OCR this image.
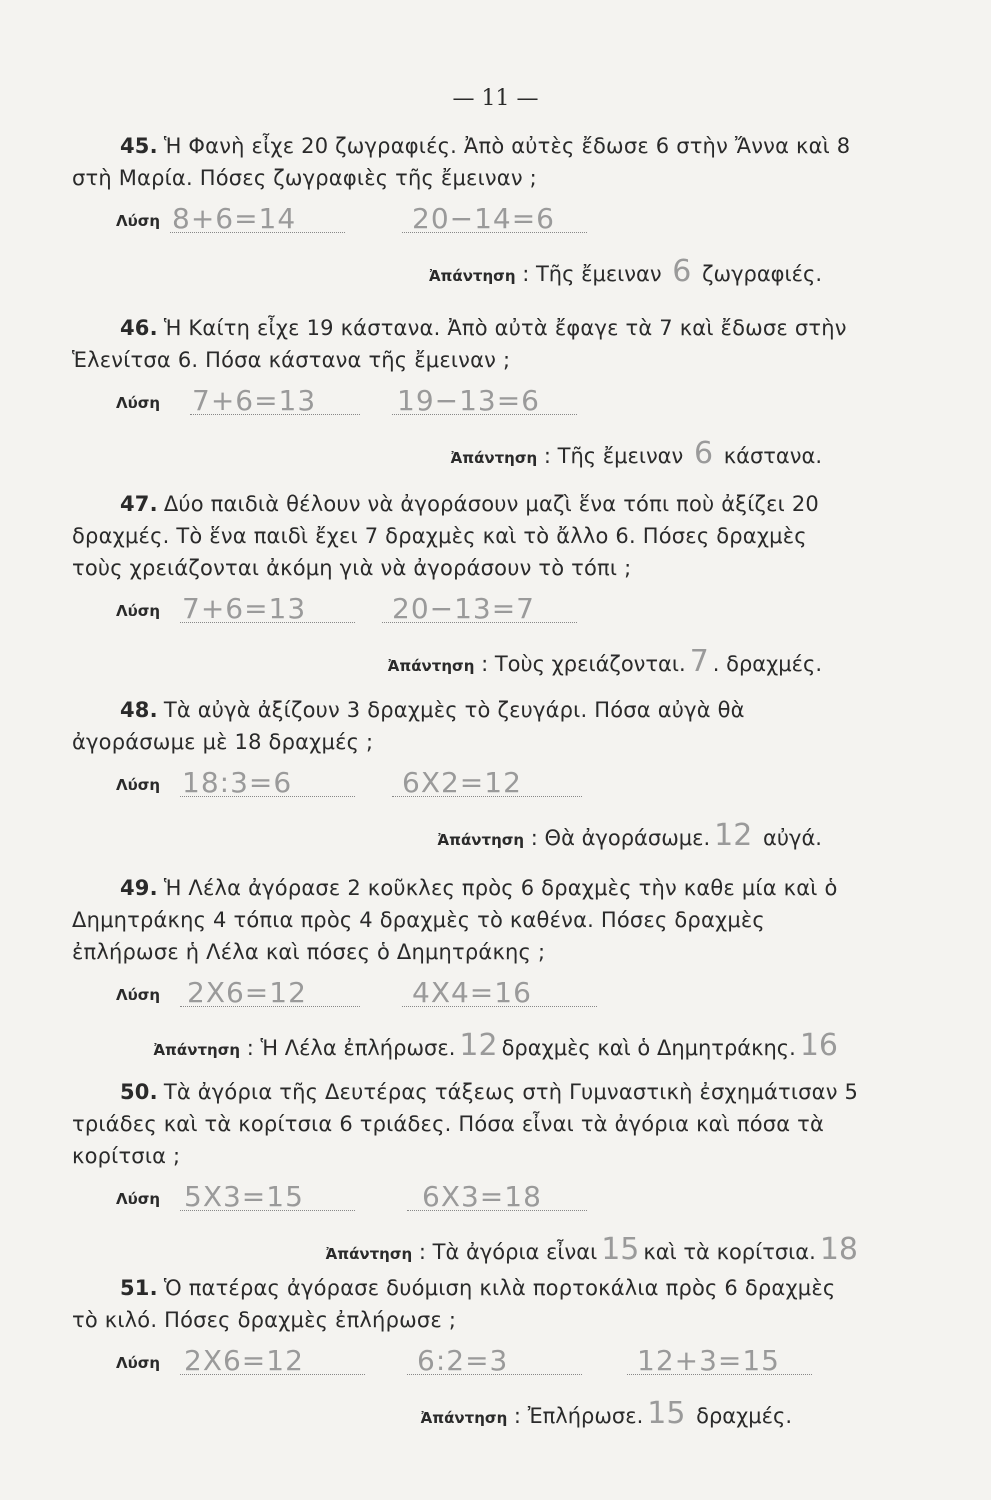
— 11 —

45. Ἡ Φανὴ εἶχε 20 ζωγραφιές. Ἀπὸ αὐτὲς ἔδωσε 6 στὴν Ἄννα καὶ 8 στὴ Μαρία. Πόσες ζωγραφιὲς τῆς ἔμειναν ;

Λύση 8+6=14	20−14=6
Ἀπάντηση : Τῆς ἔμειναν 6 ζωγραφιές.

46. Ἡ Καίτη εἶχε 19 κάστανα. Ἀπὸ αὐτὰ ἔφαγε τὰ 7 καὶ ἔδωσε στὴν Ἑλενίτσα 6. Πόσα κάστανα τῆς ἔμειναν ;

Λύση 7+6=13	19−13=6
Ἀπάντηση : Τῆς ἔμειναν 6 κάστανα.

47. Δύο παιδιὰ θέλουν νὰ ἀγοράσουν μαζὶ ἕνα τόπι ποὺ ἀξίζει 20 δραχμές. Τὸ ἕνα παιδὶ ἔχει 7 δραχμὲς καὶ τὸ ἄλλο 6. Πόσες δραχμὲς τοὺς χρειάζονται ἀκόμη γιὰ νὰ ἀγοράσουν τὸ τόπι ;

Λύση 7+6=13	20−13=7
Ἀπάντηση : Τοὺς χρειάζονται. 7 . δραχμές.

48. Τὰ αὐγὰ ἀξίζουν 3 δραχμὲς τὸ ζευγάρι. Πόσα αὐγὰ θὰ ἀγοράσωμε μὲ 18 δραχμές ;

Λύση 18:3=6	6X2=12
Ἀπάντηση : Θὰ ἀγοράσωμε. 12 αὐγά.

49. Ἡ Λέλα ἀγόρασε 2 κοῦκλες πρὸς 6 δραχμὲς τὴν καθε μία καὶ ὁ Δημητράκης 4 τόπια πρὸς 4 δραχμὲς τὸ καθένα. Πόσες δραχμὲς ἐπλήρωσε ἡ Λέλα καὶ πόσες ὁ Δημητράκης ;

Λύση 2X6=12	4X4=16
Ἀπάντηση : Ἡ Λέλα ἐπλήρωσε. 12 δραχμὲς καὶ ὁ Δημητράκης. 16

50. Τὰ ἀγόρια τῆς Δευτέρας τάξεως στὴ Γυμναστικὴ ἐσχημάτισαν 5 τριάδες καὶ τὰ κορίτσια 6 τριάδες. Πόσα εἶναι τὰ ἀγόρια καὶ πόσα τὰ κορίτσια ;

Λύση 5X3=15	6X3=18
Ἀπάντηση : Τὰ ἀγόρια εἶναι 15 καὶ τὰ κορίτσια. 18

51. Ὁ πατέρας ἀγόρασε δυόμιση κιλὰ πορτοκάλια πρὸς 6 δραχμὲς τὸ κιλό. Πόσες δραχμὲς ἐπλήρωσε ;

Λύση 2X6=12	6:2=3	12+3=15
Ἀπάντηση : Ἐπλήρωσε. 15 δραχμές.
